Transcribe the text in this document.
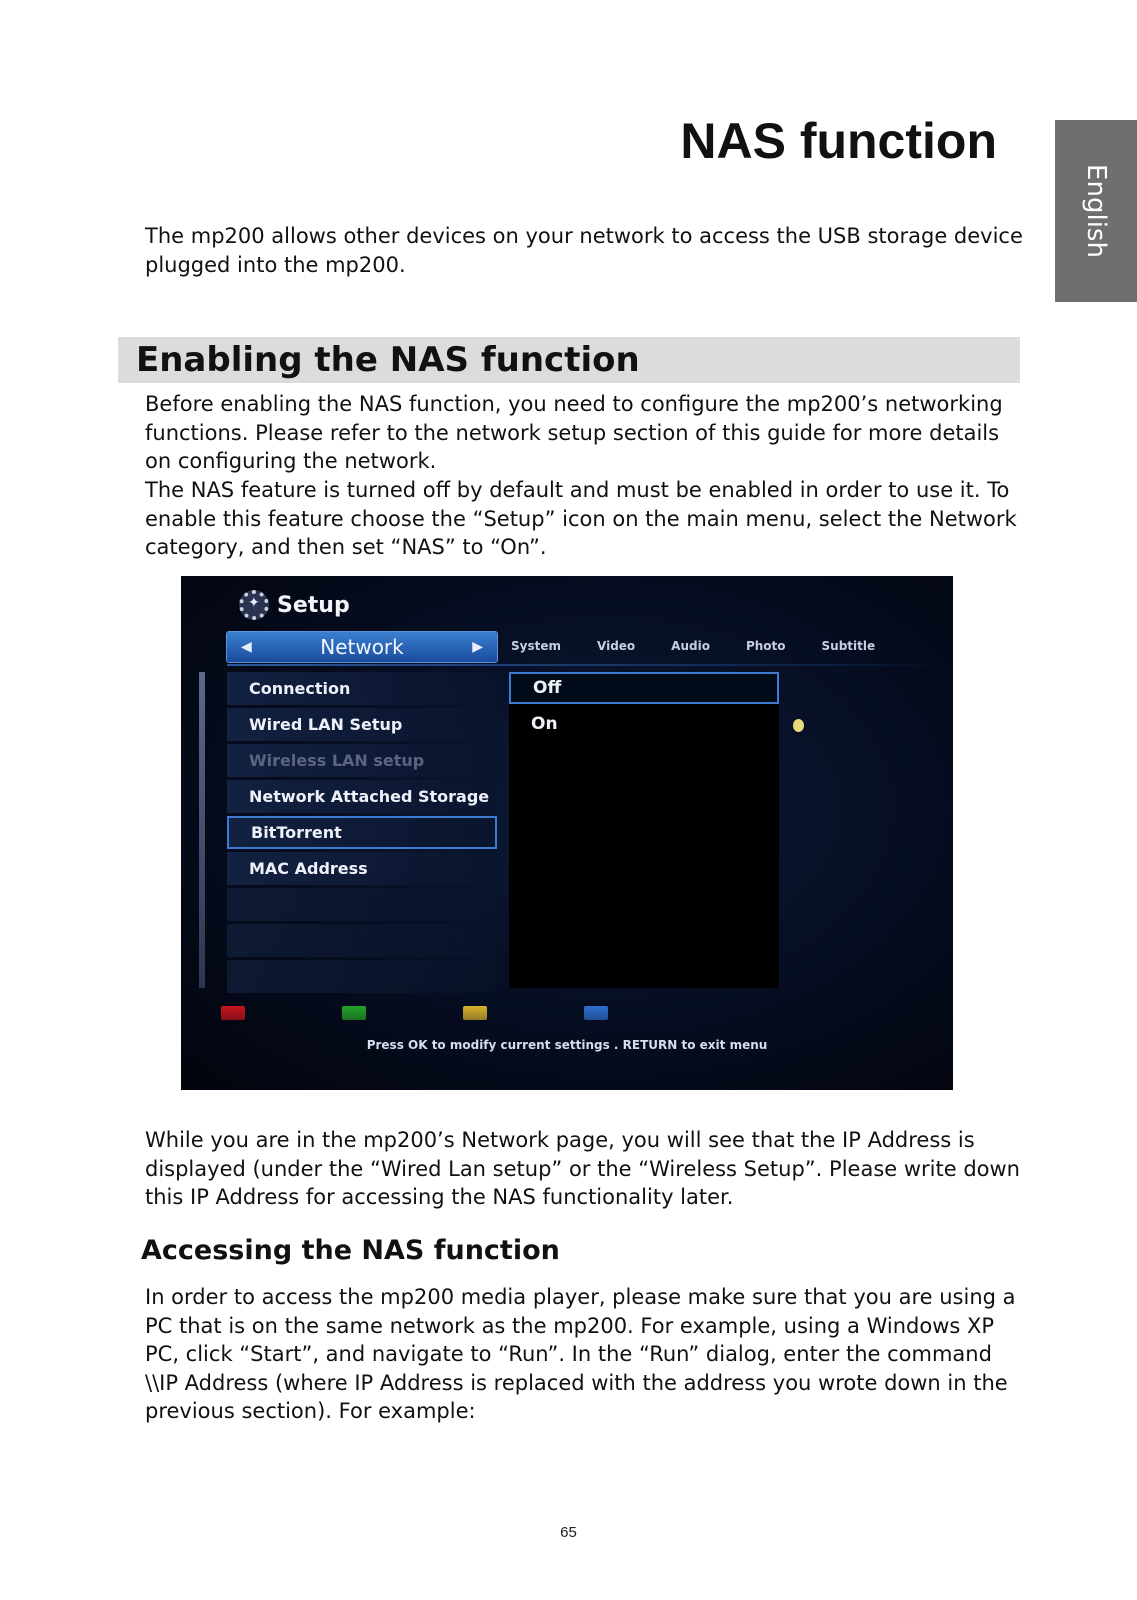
NAS function
English

The mp200 allows other devices on your network to access the USB storage device plugged into the mp200.

Enabling the NAS function

Before enabling the NAS function, you need to configure the mp200’s networking functions. Please refer to the network setup section of this guide for more details on configuring the network.

The NAS feature is turned off by default and must be enabled in order to use it. To enable this feature choose the “Setup” icon on the main menu, select the Network category, and then set “NAS” to “On”.

✦
Setup
◀	Network	▶	System	Video	Audio	Photo	Subtitle
Connection
Wired LAN Setup
Wireless LAN setup
Network Attached Storage
BitTorrent
MAC Address
Off
On
Press OK to modify current settings . RETURN to exit menu

While you are in the mp200’s Network page, you will see that the IP Address is displayed (under the “Wired Lan setup” or the “Wireless Setup”. Please write down this IP Address for accessing the NAS functionality later.

Accessing the NAS function

In order to access the mp200 media player, please make sure that you are using a PC that is on the same network as the mp200. For example, using a Windows XP PC, click “Start”, and navigate to “Run”. In the “Run” dialog, enter the command \\IP Address (where IP Address is replaced with the address you wrote down in the previous section). For example:

65
